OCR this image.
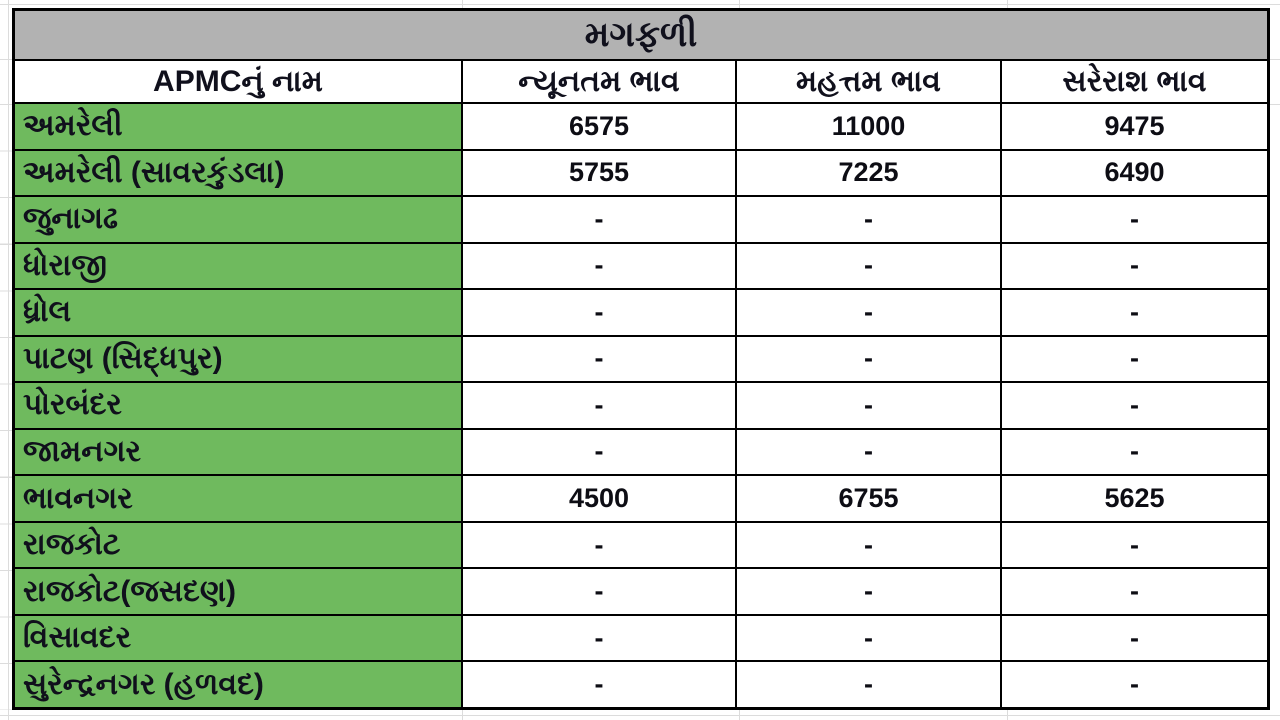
મગફળી
APMCનું નામ	ન્યૂનતમ ભાવ	મહત્તમ ભાવ	સરેરાશ ભાવ
અમરેલી	6575	11000	9475
અમરેલી (સાવરકુંડલા)	5755	7225	6490
જુનાગઢ	-	-	-
ધોરાજી	-	-	-
ધ્રોલ	-	-	-
પાટણ (સિદ્ધપુર)	-	-	-
પોરબંદર	-	-	-
જામનગર	-	-	-
ભાવનગર	4500	6755	5625
રાજકોટ	-	-	-
રાજકોટ(જસદણ)	-	-	-
વિસાવદર	-	-	-
સુરેન્દ્રનગર (હળવદ)	-	-	-
